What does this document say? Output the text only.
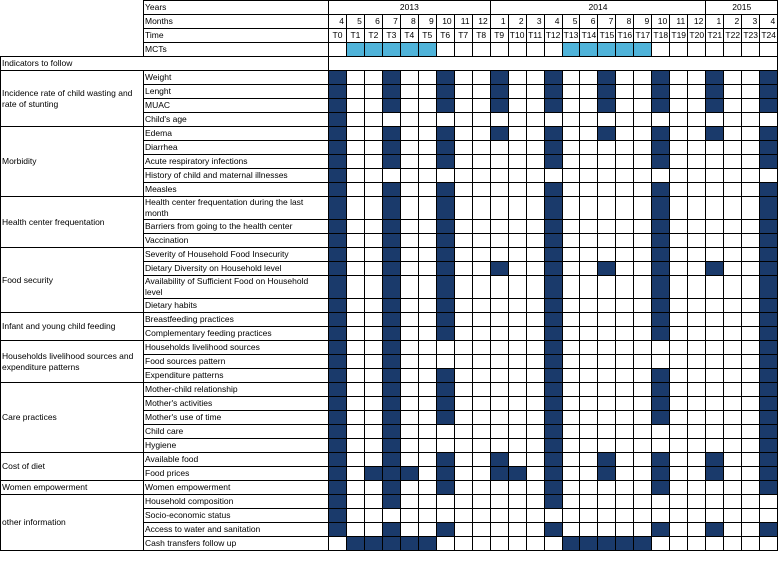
	Years	2013									2014												2015			
	Months	4	5	6	7	8	9	10	11	12	1	2	3	4	5	6	7	8	9	10	11	12	1	2	3	4
	Time	T0	T1	T2	T3	T4	T5	T6	T7	T8	T9	T10	T11	T12	T13	T14	T15	T16	T17	T18	T19	T20	T21	T22	T23	T24
	MCTs																									
Indicators to follow																										
Incidence rate of child wasting and rate of stunting	Weight																									
	Lenght																									
	MUAC																									
	Child's age																									
Morbidity	Edema																									
	Diarrhea																									
	Acute respiratory infections																									
	History of child and maternal illnesses																									
	Measles																									
Health center frequentation	Health center frequentation during the last month																									
	Barriers from going to the health center																									
	Vaccination																									
Food security	Severity of Household Food Insecurity																									
	Dietary Diversity on Household level																									
	Availability of Sufficient Food on Household level																									
	Dietary habits																									
Infant and young child feeding	Breastfeeding practices																									
	Complementary feeding practices																									
Households livelihood sources and expenditure patterns	Households livelihood sources																									
	Food sources pattern																									
	Expenditure patterns																									
Care practices	Mother-child relationship																									
	Mother's activities																									
	Mother's use of time																									
	Child care																									
	Hygiene																									
Cost of diet	Available food																									
	Food prices																									
Women empowerment	Women empowerment																									
other information	Household composition																									
	Socio-economic status																									
	Access to water and sanitation																									
	Cash transfers follow up																									
